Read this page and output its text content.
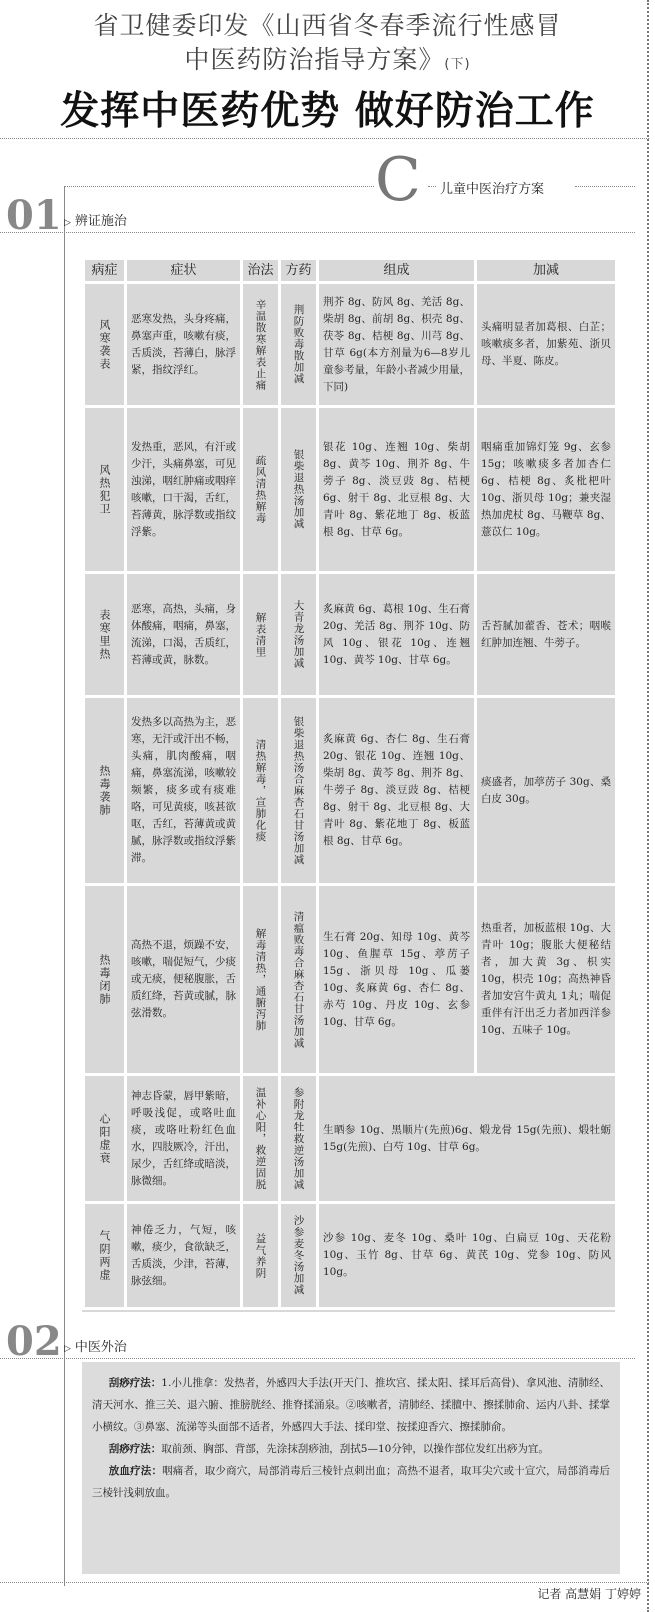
省卫健委印发《山西省冬春季流行性感冒
中医药防治指导方案》(下)
发挥中医药优势 做好防治工作
C 儿童中医治疗方案
01 ▷ 辨证施治
病症	症状	治法	方药	组成	加减

风寒袭表	恶寒发热，头身疼痛，鼻塞声重，咳嗽有痰，舌质淡，苔薄白，脉浮紧，指纹浮红。	辛温散寒解表止痛	荆防败毒散加减	荆芥 8g、防风 8g、羌活 8g、柴胡 8g、前胡 8g、枳壳 8g、茯苓 8g、桔梗 8g、川芎 8g、甘草 6g(本方剂量为6—8岁儿童参考量，年龄小者减少用量，下同)	头痛明显者加葛根、白芷；咳嗽痰多者，加紫苑、浙贝母、半夏、陈皮。

风热犯卫	发热重，恶风，有汗或少汗，头痛鼻塞，可见浊涕，咽红肿痛或咽痒咳嗽，口干渴，舌红，苔薄黄，脉浮数或指纹浮紫。	疏风清热解毒	银柴退热汤加减	银花 10g、连翘 10g、柴胡 8g、黄芩 10g、荆芥 8g、牛蒡子 8g、淡豆豉 8g、桔梗 6g、射干 8g、北豆根 8g、大青叶 8g、紫花地丁 8g、板蓝根 8g、甘草 6g。	咽痛重加锦灯笼 9g、玄参 15g；咳嗽痰多者加杏仁 6g、桔梗 8g、炙枇杷叶 10g、浙贝母 10g；兼夹湿热加虎杖 8g、马鞭草 8g、薏苡仁 10g。

表寒里热	恶寒，高热，头痛，身体酸痛，咽痛，鼻塞，流涕，口渴，舌质红，苔薄或黄，脉数。	解表清里	大青龙汤加减	炙麻黄 6g、葛根 10g、生石膏 20g、羌活 8g、荆芥 10g、防风 10g、银花 10g、连翘 10g、黄芩 10g、甘草 6g。	舌苔腻加藿香、苍术；咽喉红肿加连翘、牛蒡子。

热毒袭肺	发热多以高热为主，恶寒，无汗或汗出不畅，头痛，肌肉酸痛，咽痛，鼻塞流涕，咳嗽较频繁，痰多或有痰难咯，可见黄痰，咳甚欲呕，舌红，苔薄黄或黄腻，脉浮数或指纹浮紫滞。	清热解毒，宣肺化痰	银柴退热汤合麻杏石甘汤加减	炙麻黄 6g、杏仁 8g、生石膏 20g、银花 10g、连翘 10g、柴胡 8g、黄芩 8g、荆芥 8g、牛蒡子 8g、淡豆豉 8g、桔梗 8g、射干 8g、北豆根 8g、大青叶 8g、紫花地丁 8g、板蓝根 8g、甘草 6g。	痰盛者，加葶苈子 30g、桑白皮 30g。

热毒闭肺	高热不退，烦躁不安，咳嗽，喘促短气，少痰或无痰，便秘腹胀，舌质红绛，苔黄或腻，脉弦滑数。	解毒清热，通腑泻肺	清瘟败毒合麻杏石甘汤加减	生石膏 20g、知母 10g、黄芩 10g、鱼腥草 15g、葶苈子 15g、浙贝母 10g、瓜蒌 10g、炙麻黄 6g、杏仁 8g、赤芍 10g、丹皮 10g、玄参 10g、甘草 6g。	热重者，加板蓝根 10g、大青叶 10g；腹胀大便秘结者，加大黄 3g、枳实 10g，枳壳 10g；高热神昏者加安宫牛黄丸 1丸；喘促重伴有汗出乏力者加西洋参 10g、五味子 10g。

心阳虚衰	神志昏蒙，唇甲紫暗，呼吸浅促，或咯吐血痰，或咯吐粉红色血水，四肢厥冷，汗出，尿少，舌红绛或暗淡，脉微细。	温补心阳，救逆固脱	参附龙牡救逆汤加减	生晒参 10g、黑顺片(先煎)6g、煅龙骨 15g(先煎)、煅牡蛎 15g(先煎)、白芍 10g、甘草 6g。	

气阴两虚	神倦乏力，气短，咳嗽，痰少，食欲缺乏，舌质淡，少津，苔薄，脉弦细。	益气养阴	沙参麦冬汤加减	沙参 10g、麦冬 10g、桑叶 10g、白扁豆 10g、天花粉 10g、玉竹 8g、甘草 6g、黄芪 10g、党参 10g、防风 10g。	
02 ▷ 中医外治

刮痧疗法：1.小儿推拿：发热者，外感四大手法(开天门、推坎宫、揉太阳、揉耳后高骨)、拿风池、清肺经、清天河水、推三关、退六腑、推膀胱经、推脊揉涌泉。②咳嗽者，清肺经、揉膻中、擦揉肺俞、运内八卦、揉掌小横纹。③鼻塞、流涕等头面部不适者，外感四大手法、揉印堂、按揉迎香穴、擦揉肺俞。

刮痧疗法：取前颈、胸部、背部，先涂抹刮痧油，刮拭5—10分钟，以操作部位发红出痧为宜。

放血疗法：咽痛者，取少商穴，局部消毒后三棱针点刺出血；高热不退者，取耳尖穴或十宣穴，局部消毒后三棱针浅刺放血。

记者 高慧娟 丁婷婷
